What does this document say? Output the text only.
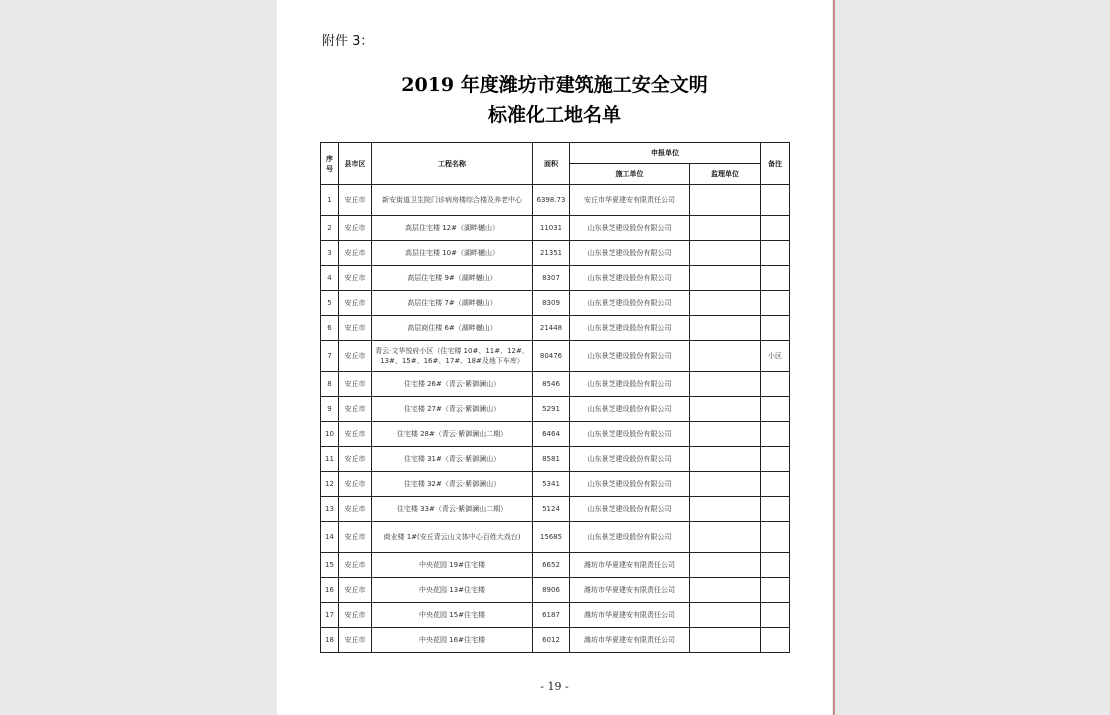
附件 3：
2019 年度潍坊市建筑施工安全文明
标准化工地名单
序号	县市区	工程名称	面积	申报单位		备注
				施工单位	监理单位	
1	安丘市	新安街道卫生院门诊病房楼综合楼及养老中心	6398.73	安丘市华夏建安有限责任公司		
2	安丘市	高层住宅楼 12#（湖畔樾山）	11031	山东景芝建设股份有限公司		
3	安丘市	高层住宅楼 10#（湖畔樾山）	21351	山东景芝建设股份有限公司		
4	安丘市	高层住宅楼 9#（湖畔樾山）	8307	山东景芝建设股份有限公司		
5	安丘市	高层住宅楼 7#（湖畔樾山）	8309	山东景芝建设股份有限公司		
6	安丘市	高层商住楼 6#（湖畔樾山）	21448	山东景芝建设股份有限公司		
7	安丘市	青云·文华悦府小区（住宅楼 10#、11#、12#、13#、15#、16#、17#、18#及地下车库）	80476	山东景芝建设股份有限公司		小区
8	安丘市	住宅楼 26#（青云·紫御澜山）	8546	山东景芝建设股份有限公司		
9	安丘市	住宅楼 27#（青云·紫御澜山）	5291	山东景芝建设股份有限公司		
10	安丘市	住宅楼 28#（青云·紫御澜山二期）	6464	山东景芝建设股份有限公司		
11	安丘市	住宅楼 31#（青云·紫御澜山）	8581	山东景芝建设股份有限公司		
12	安丘市	住宅楼 32#（青云·紫御澜山）	5341	山东景芝建设股份有限公司		
13	安丘市	住宅楼 33#（青云·紫御澜山二期）	5124	山东景芝建设股份有限公司		
14	安丘市	商业楼 1#(安丘青云山文体中心百姓大戏台)	15685	山东景芝建设股份有限公司		
15	安丘市	中央花园 19#住宅楼	6652	潍坊市华夏建安有限责任公司		
16	安丘市	中央花园 13#住宅楼	8906	潍坊市华夏建安有限责任公司		
17	安丘市	中央花园 15#住宅楼	6187	潍坊市华夏建安有限责任公司		
18	安丘市	中央花园 16#住宅楼	6012	潍坊市华夏建安有限责任公司		
- 19 -
